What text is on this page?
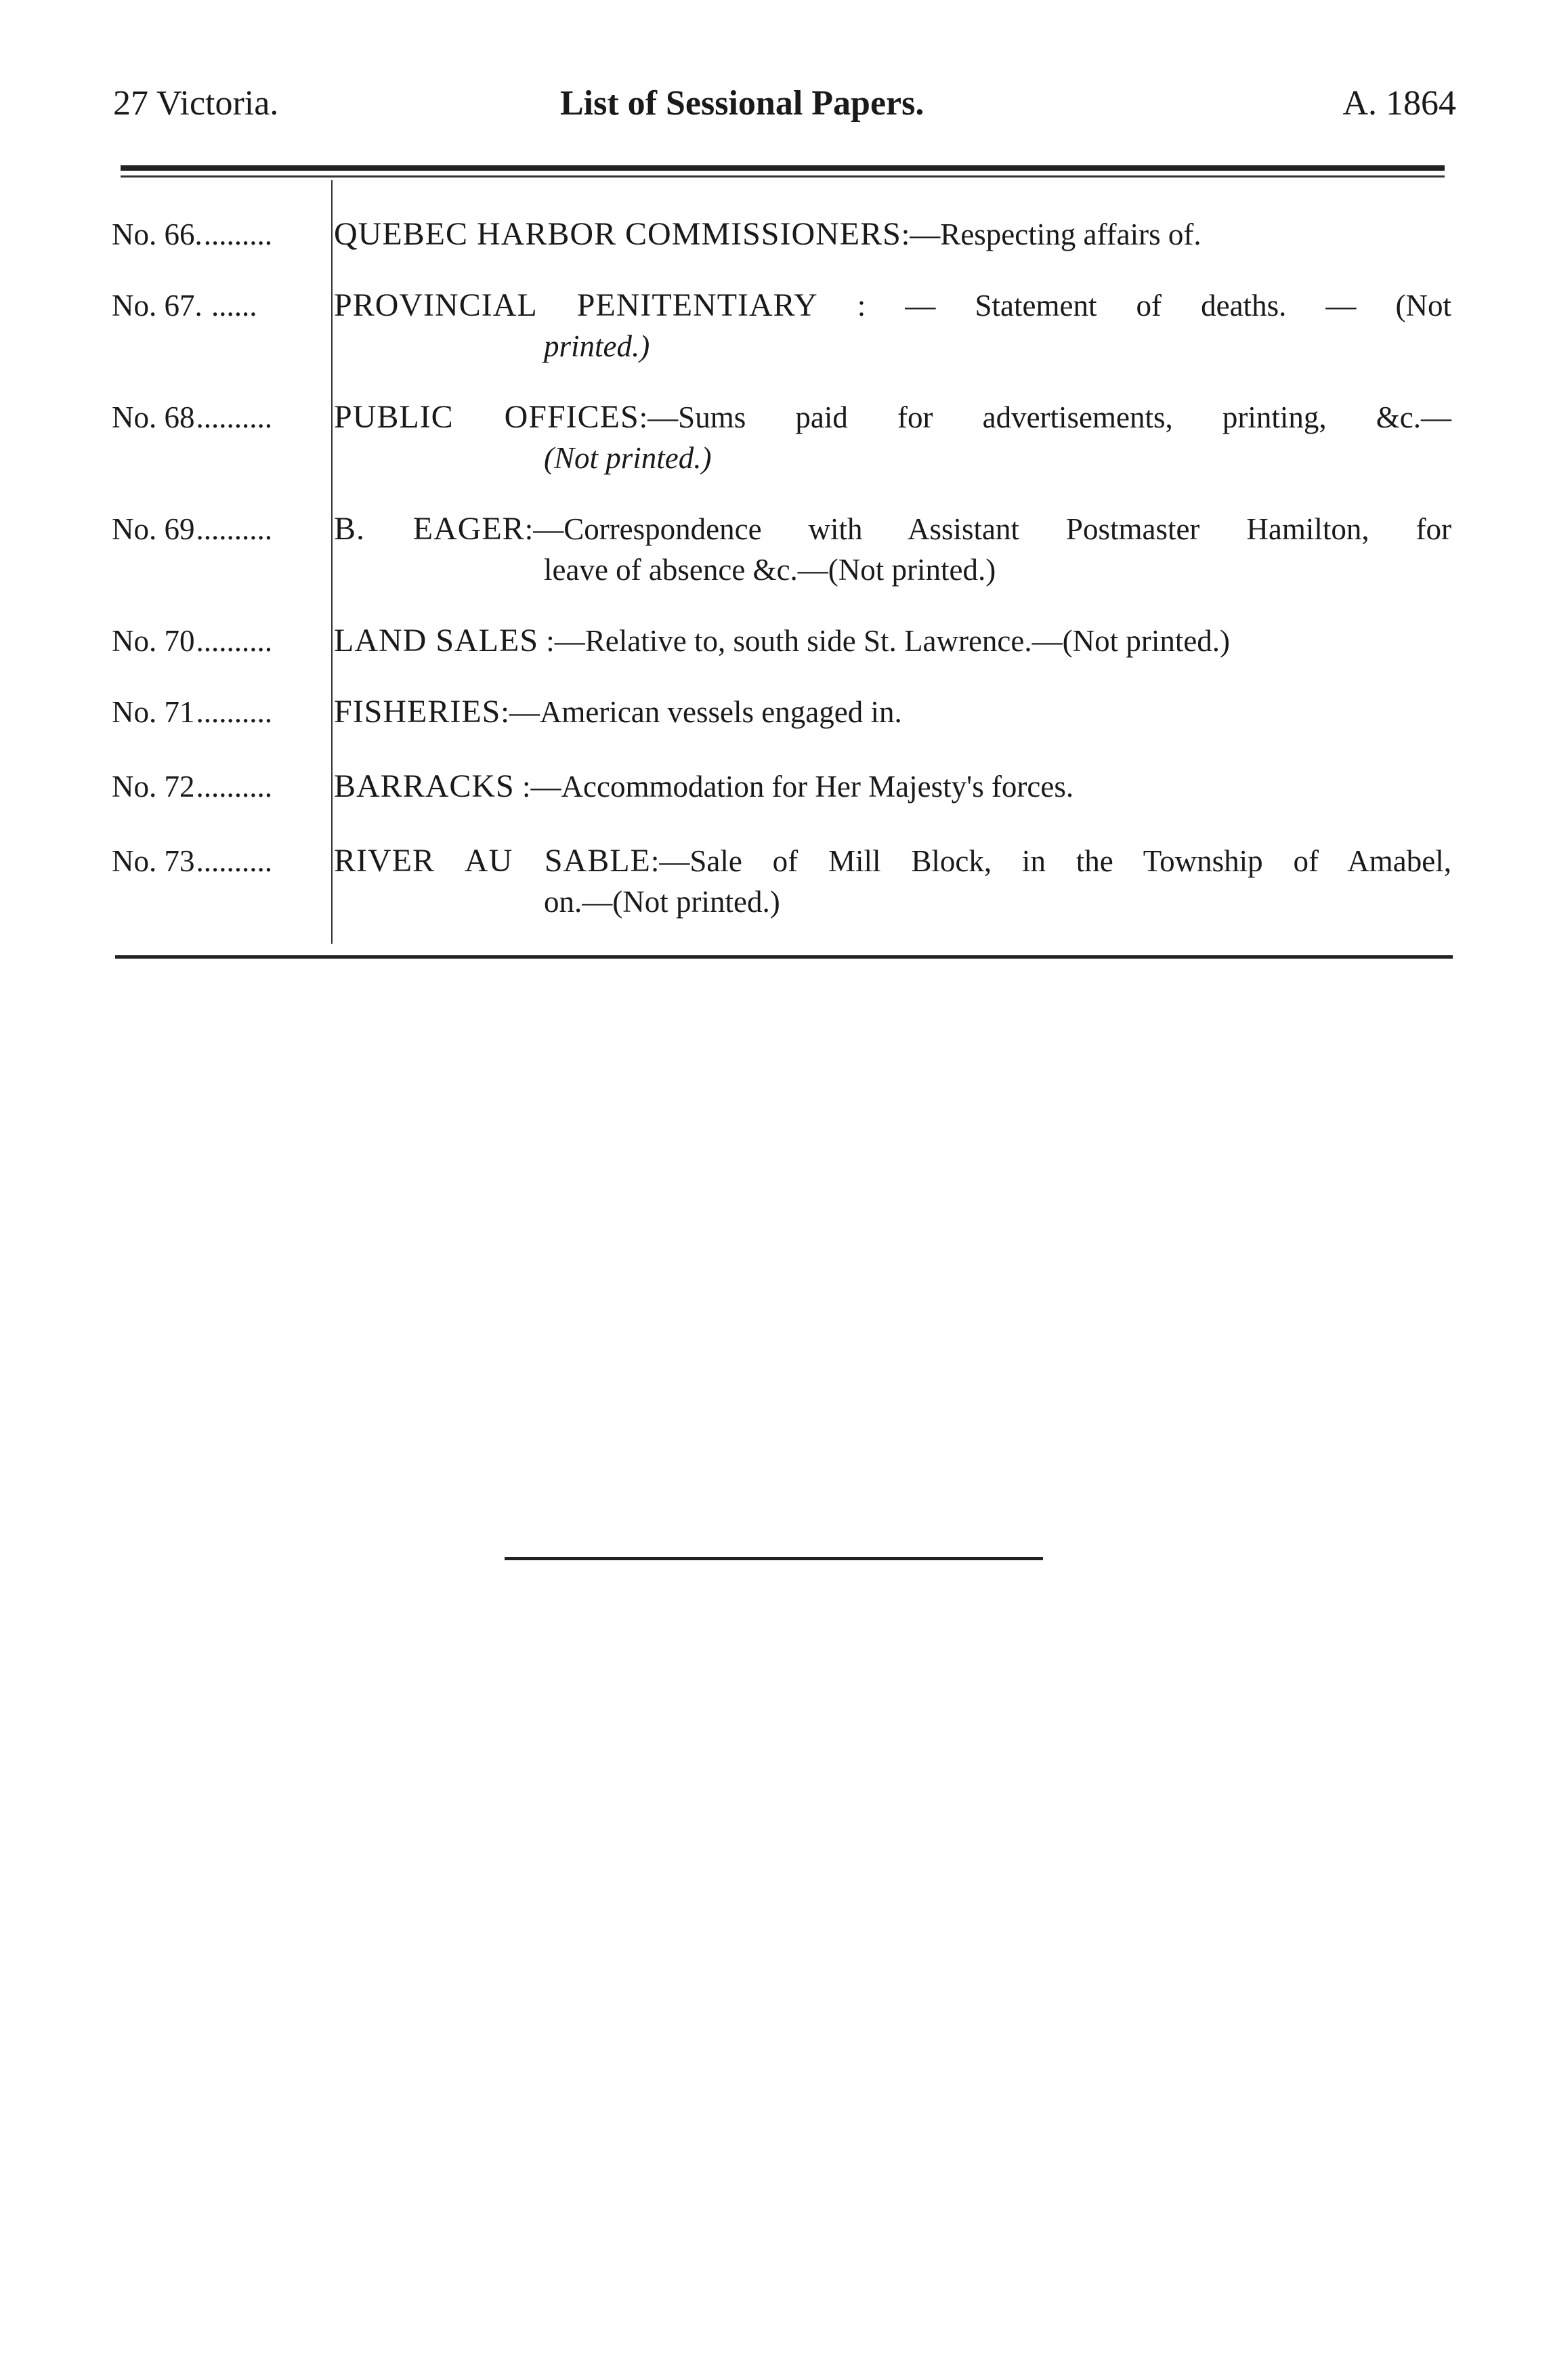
27 Victoria.	List of Sessional Papers.	A. 1864
No. 66..........	QUEBEC HARBOR COMMISSIONERS:—Respecting affairs of.
No. 67. ......	PROVINCIAL PENITENTIARY : — Statement of deaths. — (Not
printed.)
No. 68..........	PUBLIC OFFICES:—Sums paid for advertisements, printing, &c.—
(Not printed.)
No. 69..........	B. EAGER:—Correspondence with Assistant Postmaster Hamilton, for
leave of absence &c.—(Not printed.)
No. 70..........	LAND SALES :—Relative to, south side St. Lawrence.—(Not printed.)
No. 71..........	FISHERIES:—American vessels engaged in.
No. 72..........	BARRACKS :—Accommodation for Her Majesty's forces.
No. 73..........	RIVER AU SABLE:—Sale of Mill Block, in the Township of Amabel,
on.—(Not printed.)
